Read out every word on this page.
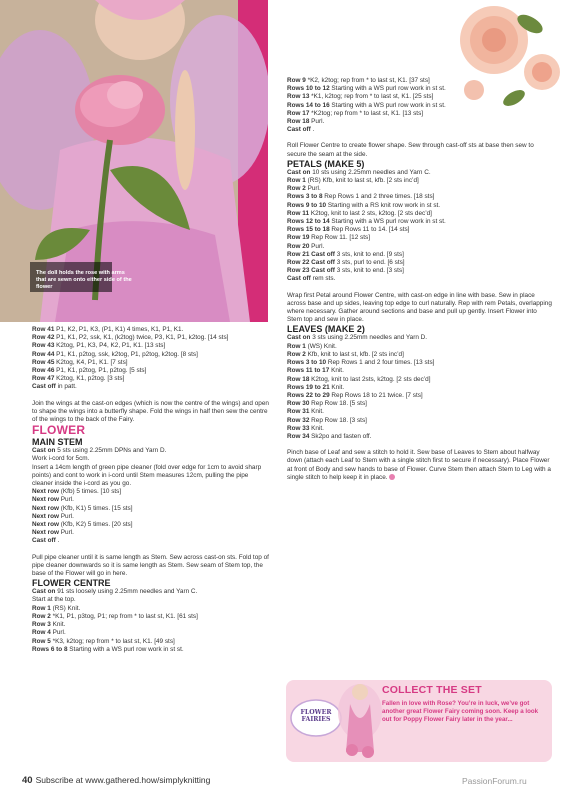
The doll holds the rose with arms that are sewn onto either side of the flower

Row 41 P1, K2, P1, K3, (P1, K1) 4 times, K1, P1, K1.

Row 42 P1, K1, P2, ssk, K1, (k2tog) twice, P3, K1, P1, k2tog. [14 sts]

Row 43 K2tog, P1, K3, P4, K2, P1, K1. [13 sts]

Row 44 P1, K1, p2tog, ssk, k2tog, P1, p2tog, k2tog. [8 sts]

Row 45 K2tog, K4, P1, K1. [7 sts]

Row 46 P1, K1, p2tog, P1, p2tog. [5 sts]

Row 47 K2tog, K1, p2tog. [3 sts]

Cast off in patt.

Join the wings at the cast-on edges (which is now the centre of the wings) and open to shape the wings into a butterfly shape. Fold the wings in half then sew the centre of the wings to the back of the Fairy.

FLOWER
MAIN STEM

Cast on 5 sts using 2.25mm DPNs and Yarn D.

Work i-cord for 5cm.

Insert a 14cm length of green pipe cleaner (fold over edge for 1cm to avoid sharp points) and cont to work in i-cord until Stem measures 12cm, pulling the pipe cleaner inside the i-cord as you go.

Next row (Kfb) 5 times. [10 sts]

Next row Purl.

Next row (Kfb, K1) 5 times. [15 sts]

Next row Purl.

Next row (Kfb, K2) 5 times. [20 sts]

Next row Purl.

Cast off .

Pull pipe cleaner until it is same length as Stem. Sew across cast-on sts. Fold top of pipe cleaner downwards so it is same length as Stem. Sew seam of Stem top, the base of the Flower will go in here.

FLOWER CENTRE

Cast on 91 sts loosely using 2.25mm needles and Yarn C.

Start at the top.

Row 1 (RS) Knit.

Row 2 *K1, P1, p3tog, P1; rep from * to last st, K1. [61 sts]

Row 3 Knit.

Row 4 Purl.

Row 5 *K3, k2tog; rep from * to last st, K1. [49 sts]

Rows 6 to 8 Starting with a WS purl row work in st st.

Row 9 *K2, k2tog; rep from * to last st, K1. [37 sts]

Rows 10 to 12 Starting with a WS purl row work in st st.

Row 13 *K1, k2tog; rep from * to last st, K1. [25 sts]

Rows 14 to 16 Starting with a WS purl row work in st st.

Row 17 *K2tog; rep from * to last st, K1. [13 sts]

Row 18 Purl.

Cast off .

Roll Flower Centre to create flower shape. Sew through cast-off sts at base then sew to secure the seam at the side.

PETALS (MAKE 5)

Cast on 10 sts using 2.25mm needles and Yarn C.

Row 1 (RS) Kfb, knit to last st, kfb. [2 sts inc’d]

Row 2 Purl.

Rows 3 to 8 Rep Rows 1 and 2 three times. [18 sts]

Rows 9 to 10 Starting with a RS knit row work in st st.

Row 11 K2tog, knit to last 2 sts, k2tog. [2 sts dec’d]

Rows 12 to 14 Starting with a WS purl row work in st st.

Rows 15 to 18 Rep Rows 11 to 14. [14 sts]

Row 19 Rep Row 11. [12 sts]

Row 20 Purl.

Row 21 Cast off 3 sts, knit to end. [9 sts]

Row 22 Cast off 3 sts, purl to end. [6 sts]

Row 23 Cast off 3 sts, knit to end. [3 sts]

Cast off rem sts.

Wrap first Petal around Flower Centre, with cast-on edge in line with base. Sew in place across base and up sides, leaving top edge to curl naturally. Rep with rem Petals, overlapping where necessary. Gather around sections and base and pull up gently. Insert Flower into Stem top and sew in place.

LEAVES (MAKE 2)

Cast on 3 sts using 2.25mm needles and Yarn D.

Row 1 (WS) Knit.

Row 2 Kfb, knit to last st, kfb. [2 sts inc’d]

Rows 3 to 10 Rep Rows 1 and 2 four times. [13 sts]

Rows 11 to 17 Knit.

Row 18 K2tog, knit to last 2sts, k2tog. [2 sts dec’d]

Rows 19 to 21 Knit.

Rows 22 to 29 Rep Rows 18 to 21 twice. [7 sts]

Row 30 Rep Row 18. [5 sts]

Row 31 Knit.

Row 32 Rep Row 18. [3 sts]

Row 33 Knit.

Row 34 Sk2po and fasten off.

Pinch base of Leaf and sew a stitch to hold it. Sew base of Leaves to Stem about halfway down (attach each Leaf to Stem with a single stitch first to secure if necessary). Place Flower at front of Body and sew hands to base of Flower. Curve Stem then attach Stem to Leg with a single stitch to help keep it in place.

FLOWER FAIRIES
COLLECT THE SET
Fallen in love with Rose? You’re in luck, we’ve got another great Flower Fairy coming soon. Keep a look out for Poppy Flower Fairy later in the year...
40 Subscribe at www.gathered.how/simplyknitting	PassionForum.ru
